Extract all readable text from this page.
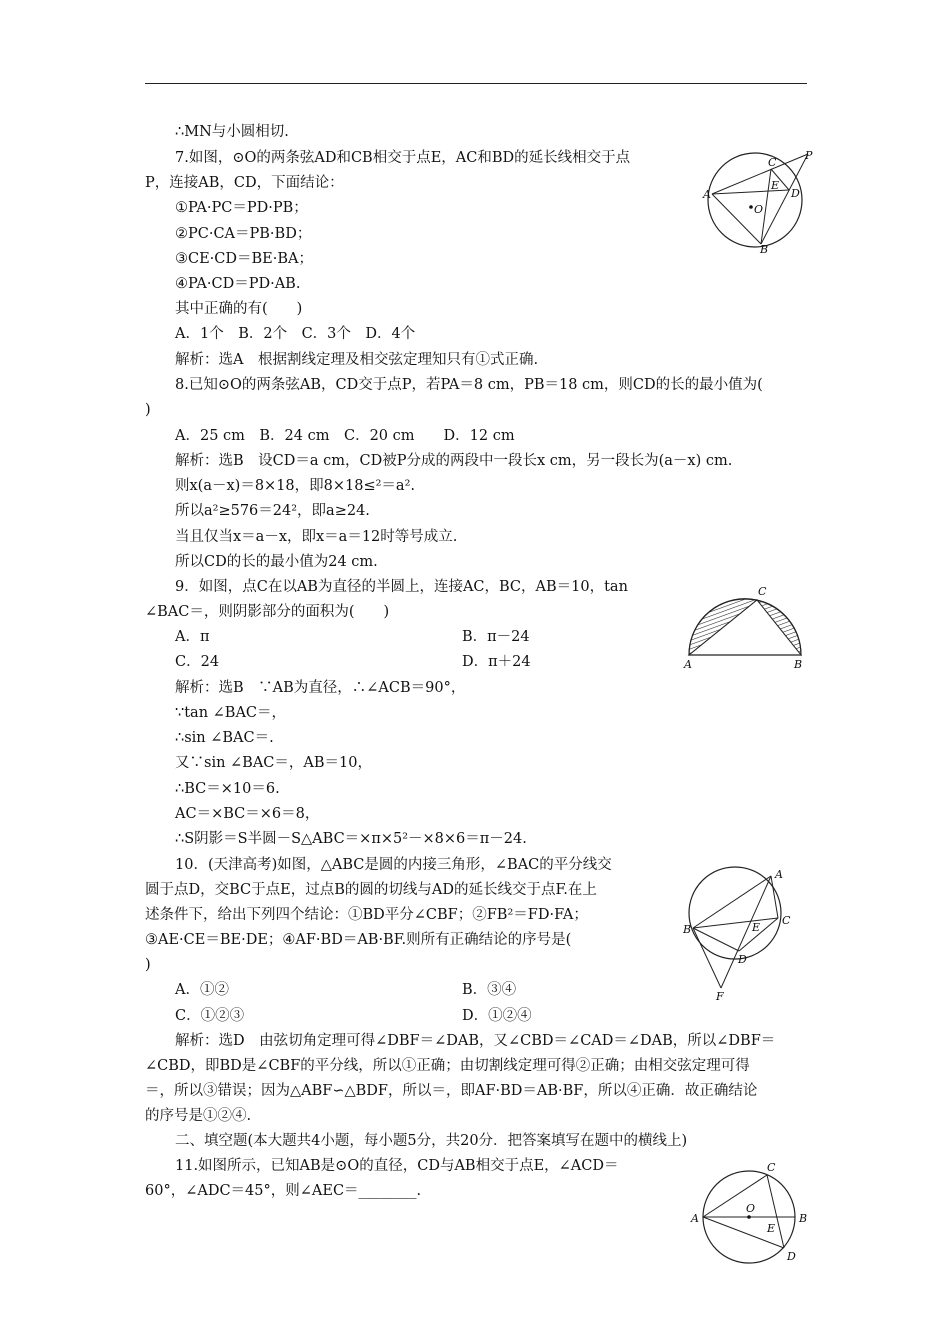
∴MN与小圆相切.
7.如图，⊙O的两条弦AD和CB相交于点E，AC和BD的延长线相交于点
P，连接AB，CD，下面结论：
①PA·PC＝PD·PB；
②PC·CA＝PB·BD；
③CE·CD＝BE·BA；
④PA·CD＝PD·AB.
其中正确的有(　　)
A．1个　B．2个　C．3个　D．4个
解析：选A　根据割线定理及相交弦定理知只有①式正确.
8.已知⊙O的两条弦AB，CD交于点P，若PA＝8 cm，PB＝18 cm，则CD的长的最小值为(
)
A．25 cm　B．24 cm　C．20 cm　　D．12 cm
解析：选B　设CD＝a cm，CD被P分成的两段中一段长x cm，另一段长为(a－x) cm.
则x(a－x)＝8×18，即8×18≤²＝a².
所以a²≥576＝24²，即a≥24.
当且仅当x＝a－x，即x＝a＝12时等号成立.
所以CD的长的最小值为24 cm.
9．如图，点C在以AB为直径的半圆上，连接AC，BC，AB＝10，tan
∠BAC＝，则阴影部分的面积为(　　)
A．π	B．π－24
C．24	D．π＋24
解析：选B　∵AB为直径，∴∠ACB＝90°，
∵tan ∠BAC＝，
∴sin ∠BAC＝.
又∵sin ∠BAC＝，AB＝10，
∴BC＝×10＝6.
AC＝×BC＝×6＝8，
∴S阴影＝S半圆－S△ABC＝×π×5²－×8×6＝π－24.
10．(天津高考)如图，△ABC是圆的内接三角形，∠BAC的平分线交
圆于点D，交BC于点E，过点B的圆的切线与AD的延长线交于点F.在上
述条件下，给出下列四个结论：①BD平分∠CBF；②FB²＝FD·FA；
③AE·CE＝BE·DE；④AF·BD＝AB·BF.则所有正确结论的序号是(
)
A．①②	B．③④
C．①②③	D．①②④
解析：选D　由弦切角定理可得∠DBF＝∠DAB，又∠CBD＝∠CAD＝∠DAB，所以∠DBF＝
∠CBD，即BD是∠CBF的平分线，所以①正确；由切割线定理可得②正确；由相交弦定理可得
＝，所以③错误；因为△ABF∽△BDF，所以＝，即AF·BD＝AB·BF，所以④正确．故正确结论
的序号是①②④.
二、填空题(本大题共4小题，每小题5分，共20分．把答案填写在题中的横线上)
11.如图所示，已知AB是⊙O的直径，CD与AB相交于点E，∠ACD＝
60°，∠ADC＝45°，则∠AEC＝________.
C
P
A
E
D
O
B
C
A	B
A
B	E
C
D
F
C
A
O
E
B
D
